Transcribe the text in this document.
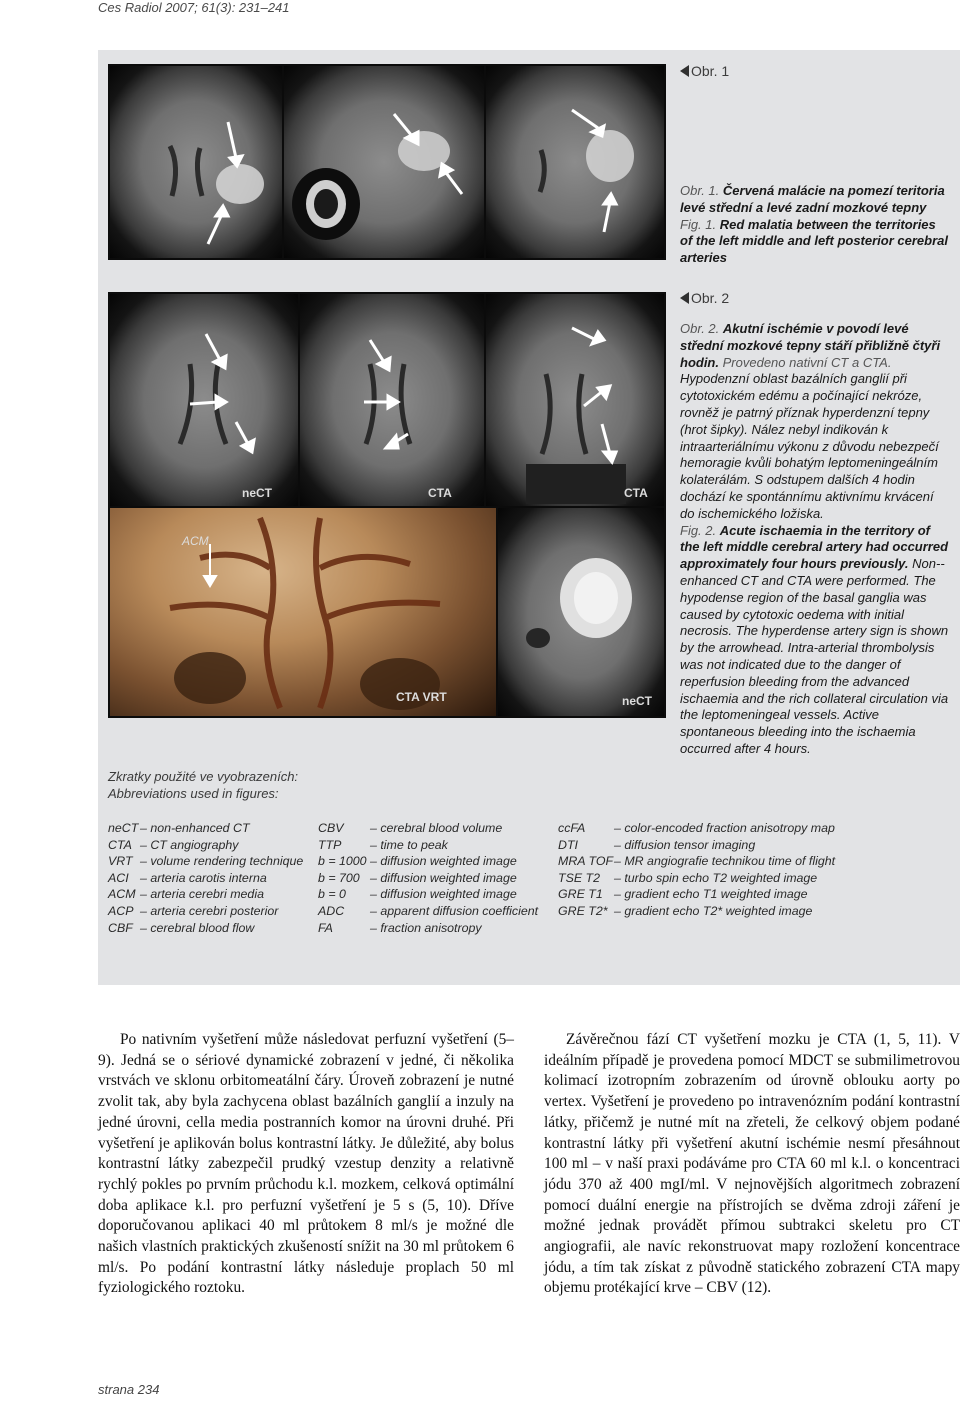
Ces Radiol 2007; 61(3): 231–241
Obr. 1
Obr. 1. Červená malácie na pomezí teritoria levé střední a levé zadní mozkové tepny
Fig. 1. Red malatia between the territories of the left middle and left posterior cerebral arteries
Obr. 2
neCT	CTA	CTA
ACM
CTA VRT	neCT
Obr. 2. Akutní ischémie v povodí levé střední mozkové tepny stáří přibližně čtyři hodin. Provedeno nativní CT a CTA. Hypodenzní oblast bazálních ganglií při cytotoxickém edému a počínající nekróze, rovněž je patrný příznak hyperdenzní tepny (hrot šipky). Nález nebyl indikován k intraarteriálnímu výkonu z důvodu nebezpečí hemoragie kvůli bohatým leptomeningeálním kolaterálám. S odstupem dalších 4 hodin dochází ke spontánnímu aktivnímu krvácení do ischemického ložiska.
Fig. 2. Acute ischaemia in the territory of the left middle cerebral artery had occurred approximately four hours previously. Non--enhanced CT and CTA were performed. The hypodense region of the basal ganglia was caused by cytotoxic oedema with initial necrosis. The hyperdense artery sign is shown by the arrowhead. Intra-arterial thrombolysis was not indicated due to the danger of reperfusion bleeding from the advanced ischaemia and the rich collateral circulation via the leptomeningeal vessels. Active spontaneous bleeding into the ischaemia occurred after 4 hours.
Zkratky použité ve vyobrazeních:
Abbreviations used in figures:
neCT – non-enhanced CT
CTA – CT angiography
VRT – volume rendering technique
ACI – arteria carotis interna
ACM – arteria cerebri media
ACP – arteria cerebri posterior
CBF – cerebral blood flow
CBV – cerebral blood volume
TTP – time to peak
b = 1000 – diffusion weighted image
b = 700 – diffusion weighted image
b = 0 – diffusion weighted image
ADC – apparent diffusion coefficient
FA	– fraction anisotropy
ccFA – color-encoded fraction anisotropy map
DTI	– diffusion tensor imaging
MRA TOF– MR angiografie technikou time of flight
TSE T2 – turbo spin echo T2 weighted image
GRE T1 – gradient echo T1 weighted image
GRE T2* – gradient echo T2* weighted image

Po nativním vyšetření může následovat perfuzní vyšetření (5–9). Jedná se o sériové dynamické zobrazení v jedné, či několika vrstvách ve sklonu orbitomeatální čáry. Úroveň zobrazení je nutné zvolit tak, aby byla zachycena oblast bazálních ganglií a inzuly na jedné úrovni, cella media postranních komor na úrovni druhé. Při vyšetření je aplikován bolus kontrastní látky. Je důležité, aby bolus kontrastní látky zabezpečil prudký vzestup denzity a relativně rychlý pokles po prvním průchodu k.l. mozkem, celková optimální doba aplikace k.l. pro perfuzní vyšetření je 5 s (5, 10). Dříve doporučovanou aplikaci 40 ml průtokem 8 ml/s je možné dle našich vlastních praktických zkušeností snížit na 30 ml průtokem 6 ml/s. Po podání kontrastní látky následuje proplach 50 ml fyziologického roztoku.

Závěrečnou fází CT vyšetření mozku je CTA (1, 5, 11). V ideálním případě je provedena pomocí MDCT se submilimetrovou kolimací izotropním zobrazením od úrovně oblouku aorty po vertex. Vyšetření je provedeno po intravenózním podání kontrastní látky, přičemž je nutné mít na zřeteli, že celkový objem podané kontrastní látky při vyšetření akutní ischémie nesmí přesáhnout 100 ml – v naší praxi podáváme pro CTA 60 ml k.l. o koncentraci jódu 370 až 400 mgI/ml. V nejnovějších algoritmech zobrazení pomocí duální energie na přístrojích se dvěma zdroji záření je možné jednak provádět přímou subtrakci skeletu pro CT angiografii, ale navíc rekonstruovat mapy rozložení koncentrace jódu, a tím tak získat z původně statického zobrazení CTA mapy objemu protékající krve – CBV (12).

strana 234
